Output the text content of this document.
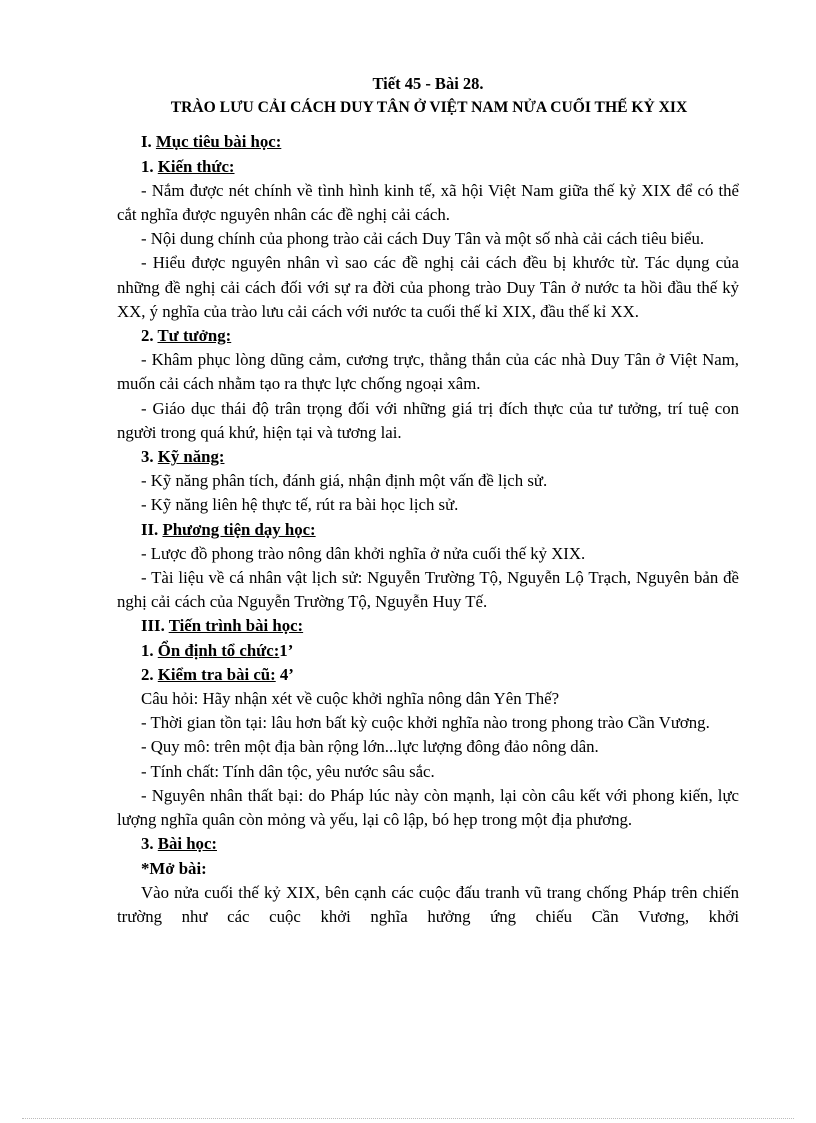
Tiết 45 - Bài 28.
TRÀO LƯU CẢI CÁCH DUY TÂN Ở VIỆT NAM NỬA CUỐI THẾ KỶ XIX
I. Mục tiêu bài học:
1. Kiến thức:
- Nắm được nét chính về tình hình kinh tế, xã hội Việt Nam giữa thế kỷ XIX để có thể cắt nghĩa được nguyên nhân các đề nghị cải cách.
- Nội dung chính của phong trào cải cách Duy Tân và một số nhà cải cách tiêu biểu.
- Hiểu được nguyên nhân vì sao các đề nghị cải cách đều bị khước từ. Tác dụng của những đề nghị cải cách đối với sự ra đời của phong trào Duy Tân ở nước ta hồi đầu thế kỷ XX, ý nghĩa của trào lưu cải cách với nước ta cuối thế kỉ XIX, đầu thế kỉ XX.
2. Tư tưởng:
- Khâm phục lòng dũng cảm, cương trực, thẳng thắn của các nhà Duy Tân ở Việt Nam, muốn cải cách nhằm tạo ra thực lực chống ngoại xâm.
- Giáo dục thái độ trân trọng đối với những giá trị đích thực của tư tưởng, trí tuệ con người trong quá khứ, hiện tại và tương lai.
3. Kỹ năng:
- Kỹ năng phân tích, đánh giá, nhận định một vấn đề lịch sử.
- Kỹ năng liên hệ thực tế, rút ra bài học lịch sử.
II. Phương tiện dạy học:
- Lược đồ phong trào nông dân khởi nghĩa ở nửa cuối thế kỷ XIX.
- Tài liệu về cá nhân vật lịch sử: Nguyễn Trường Tộ, Nguyễn Lộ Trạch, Nguyên bản đề nghị cải cách của Nguyễn Trường Tộ, Nguyễn Huy Tế.
III. Tiến trình bài học:
1. Ổn định tổ chức:1’
2. Kiểm tra bài cũ: 4’
Câu hỏi: Hãy nhận xét về cuộc khởi nghĩa nông dân Yên Thế?
- Thời gian tồn tại: lâu hơn bất kỳ cuộc khởi nghĩa nào trong phong trào Cần Vương.
- Quy mô: trên một địa bàn rộng lớn...lực lượng đông đảo nông dân.
- Tính chất: Tính dân tộc, yêu nước sâu sắc.
- Nguyên nhân thất bại: do Pháp lúc này còn mạnh, lại còn câu kết với phong kiến, lực lượng nghĩa quân còn mỏng và yếu, lại cô lập, bó hẹp trong một địa phương.
3. Bài học:
*Mở bài:
Vào nửa cuối thế kỷ XIX, bên cạnh các cuộc đấu tranh vũ trang chống Pháp trên chiến trường như các cuộc khởi nghĩa hưởng ứng chiếu Cần Vương, khởi
